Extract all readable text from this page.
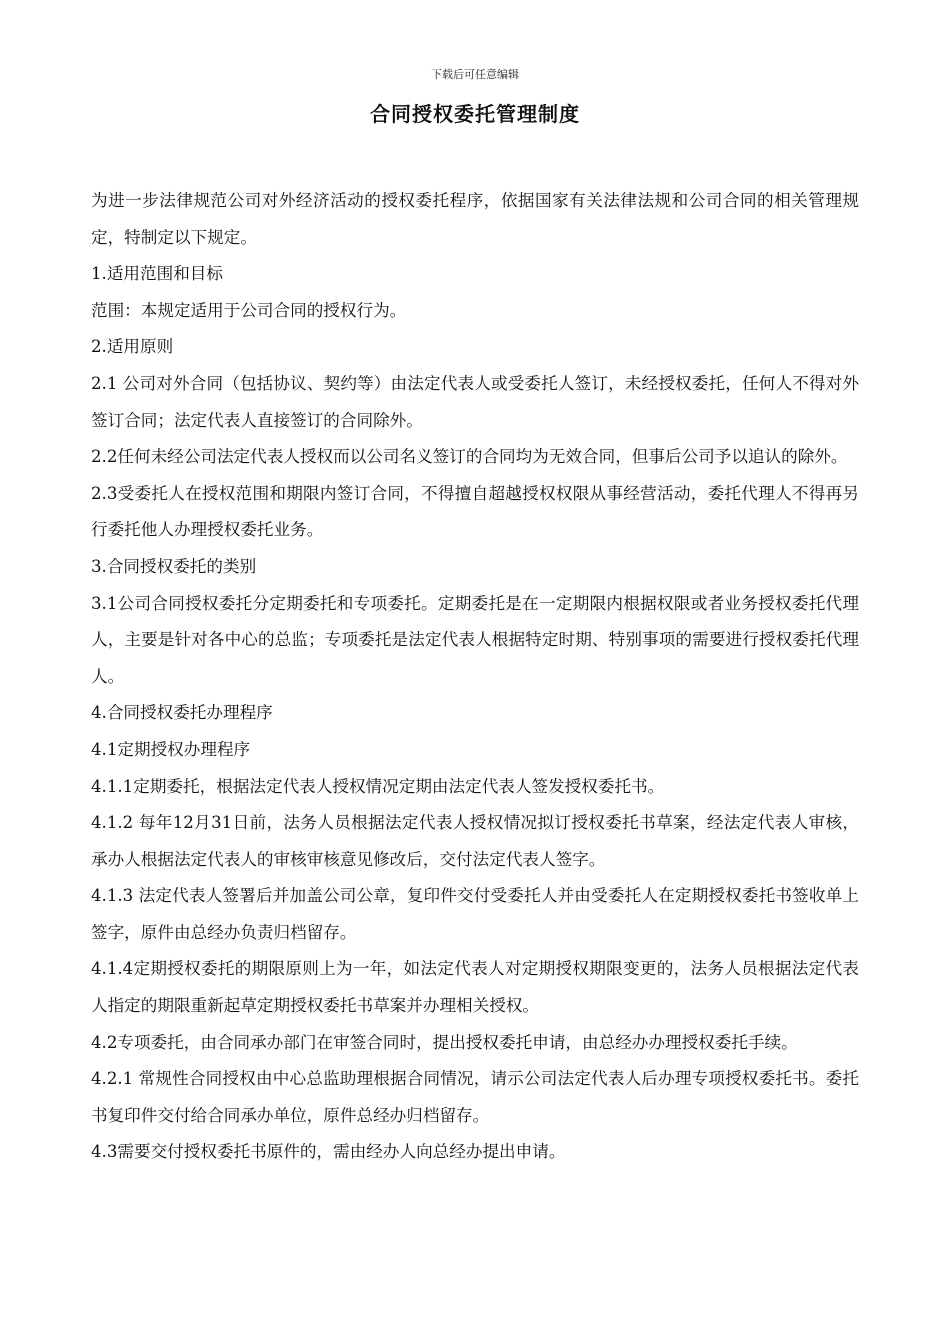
下载后可任意编辑
合同授权委托管理制度

为进一步法律规范公司对外经济活动的授权委托程序，依据国家有关法律法规和公司合同的相关管理规定，特制定以下规定。

1.适用范围和目标

范围：本规定适用于公司合同的授权行为。

2.适用原则

2.1 公司对外合同（包括协议、契约等）由法定代表人或受委托人签订，未经授权委托，任何人不得对外签订合同；法定代表人直接签订的合同除外。

2.2任何未经公司法定代表人授权而以公司名义签订的合同均为无效合同，但事后公司予以追认的除外。

2.3受委托人在授权范围和期限内签订合同，不得擅自超越授权权限从事经营活动，委托代理人不得再另行委托他人办理授权委托业务。

3.合同授权委托的类别

3.1公司合同授权委托分定期委托和专项委托。定期委托是在一定期限内根据权限或者业务授权委托代理人，主要是针对各中心的总监；专项委托是法定代表人根据特定时期、特别事项的需要进行授权委托代理人。

4.合同授权委托办理程序

4.1定期授权办理程序

4.1.1定期委托，根据法定代表人授权情况定期由法定代表人签发授权委托书。

4.1.2 每年12月31日前，法务人员根据法定代表人授权情况拟订授权委托书草案，经法定代表人审核，承办人根据法定代表人的审核审核意见修改后，交付法定代表人签字。

4.1.3 法定代表人签署后并加盖公司公章，复印件交付受委托人并由受委托人在定期授权委托书签收单上签字，原件由总经办负责归档留存。

4.1.4定期授权委托的期限原则上为一年，如法定代表人对定期授权期限变更的，法务人员根据法定代表人指定的期限重新起草定期授权委托书草案并办理相关授权。

4.2专项委托，由合同承办部门在审签合同时，提出授权委托申请，由总经办办理授权委托手续。

4.2.1 常规性合同授权由中心总监助理根据合同情况，请示公司法定代表人后办理专项授权委托书。委托书复印件交付给合同承办单位，原件总经办归档留存。

4.3需要交付授权委托书原件的，需由经办人向总经办提出申请。
